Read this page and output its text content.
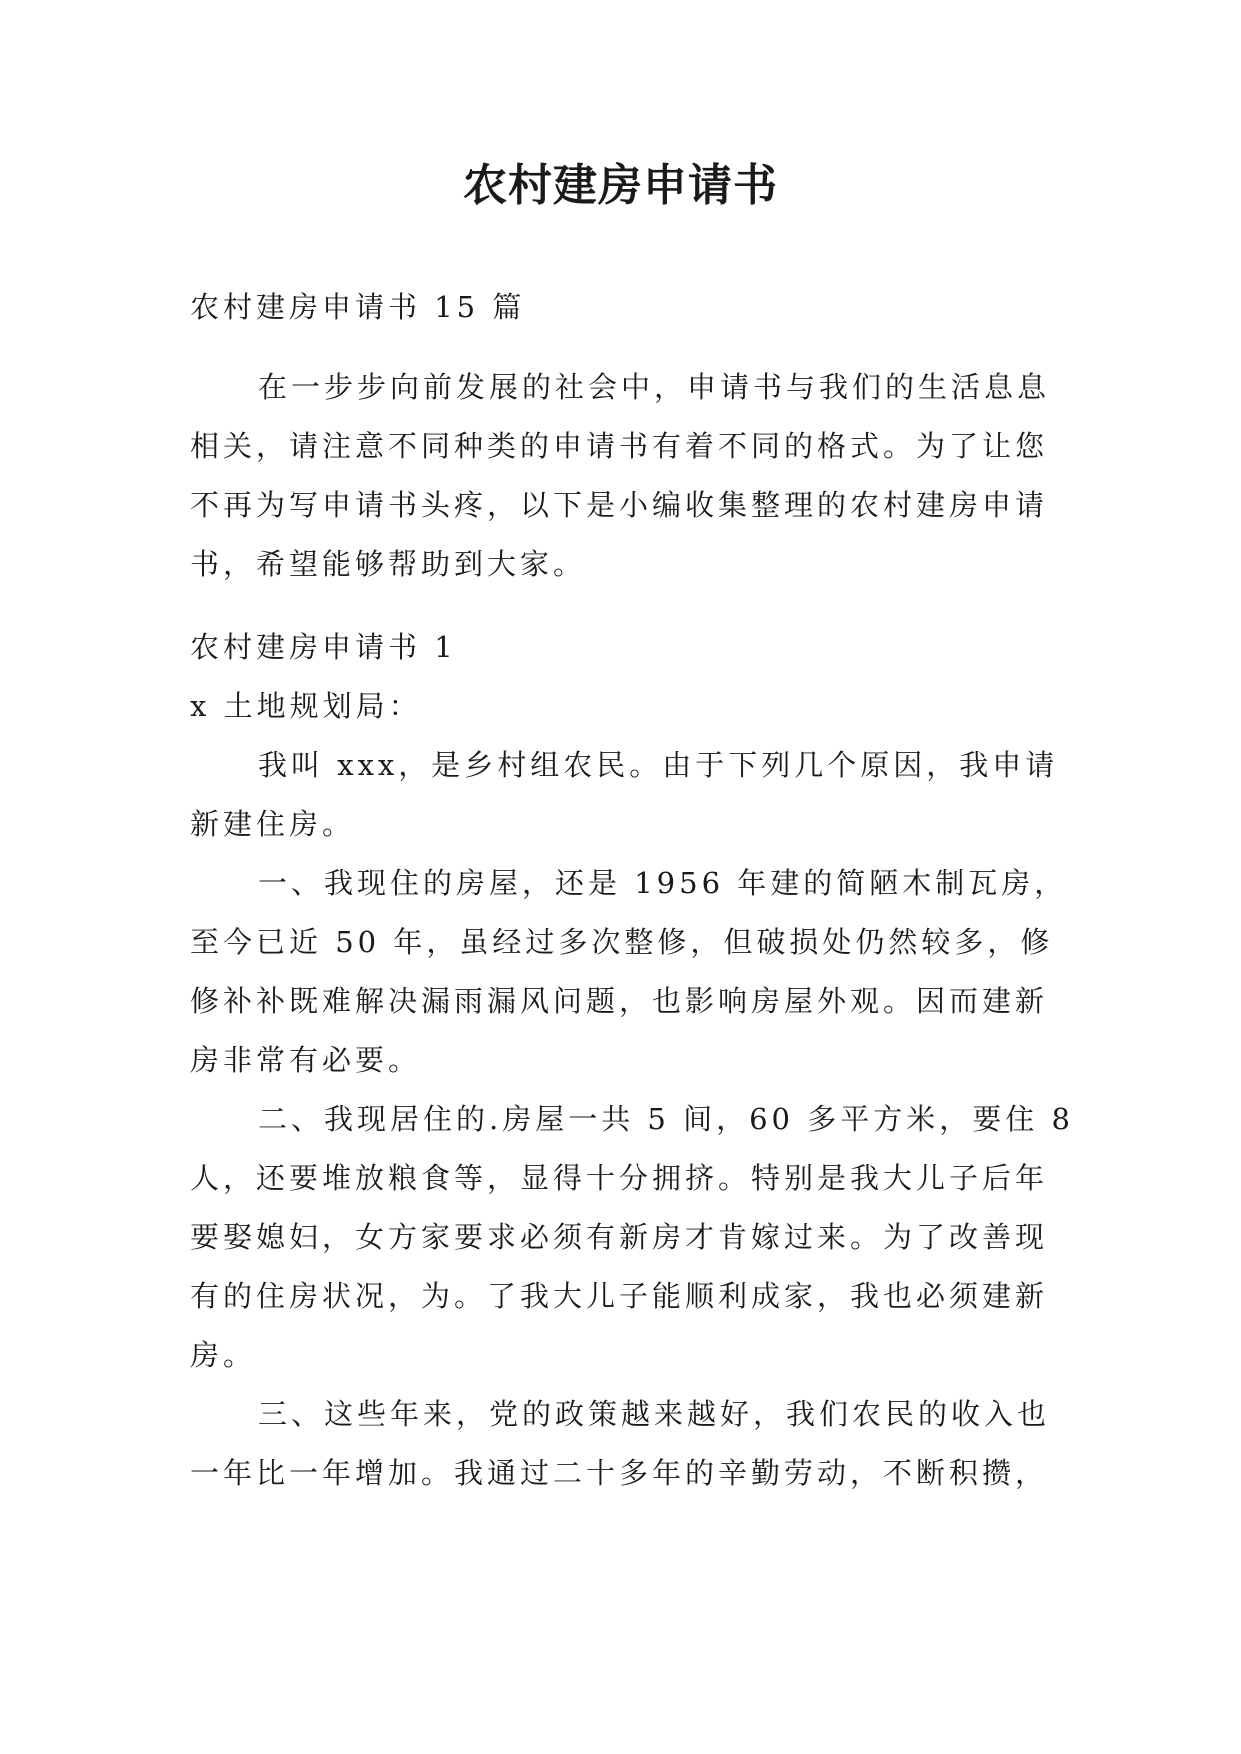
农村建房申请书
农村建房申请书 15 篇
在一步步向前发展的社会中，申请书与我们的生活息息
相关，请注意不同种类的申请书有着不同的格式。为了让您
不再为写申请书头疼，以下是小编收集整理的农村建房申请
书，希望能够帮助到大家。
农村建房申请书 1
x 土地规划局：
我叫 xxx，是乡村组农民。由于下列几个原因，我申请
新建住房。
一、我现住的房屋，还是 1956 年建的简陋木制瓦房，
至今已近 50 年，虽经过多次整修，但破损处仍然较多，修
修补补既难解决漏雨漏风问题，也影响房屋外观。因而建新
房非常有必要。
二、我现居住的.房屋一共 5 间，60 多平方米，要住 8
人，还要堆放粮食等，显得十分拥挤。特别是我大儿子后年
要娶媳妇，女方家要求必须有新房才肯嫁过来。为了改善现
有的住房状况，为。了我大儿子能顺利成家，我也必须建新
房。
三、这些年来，党的政策越来越好，我们农民的收入也
一年比一年增加。我通过二十多年的辛勤劳动，不断积攒，
